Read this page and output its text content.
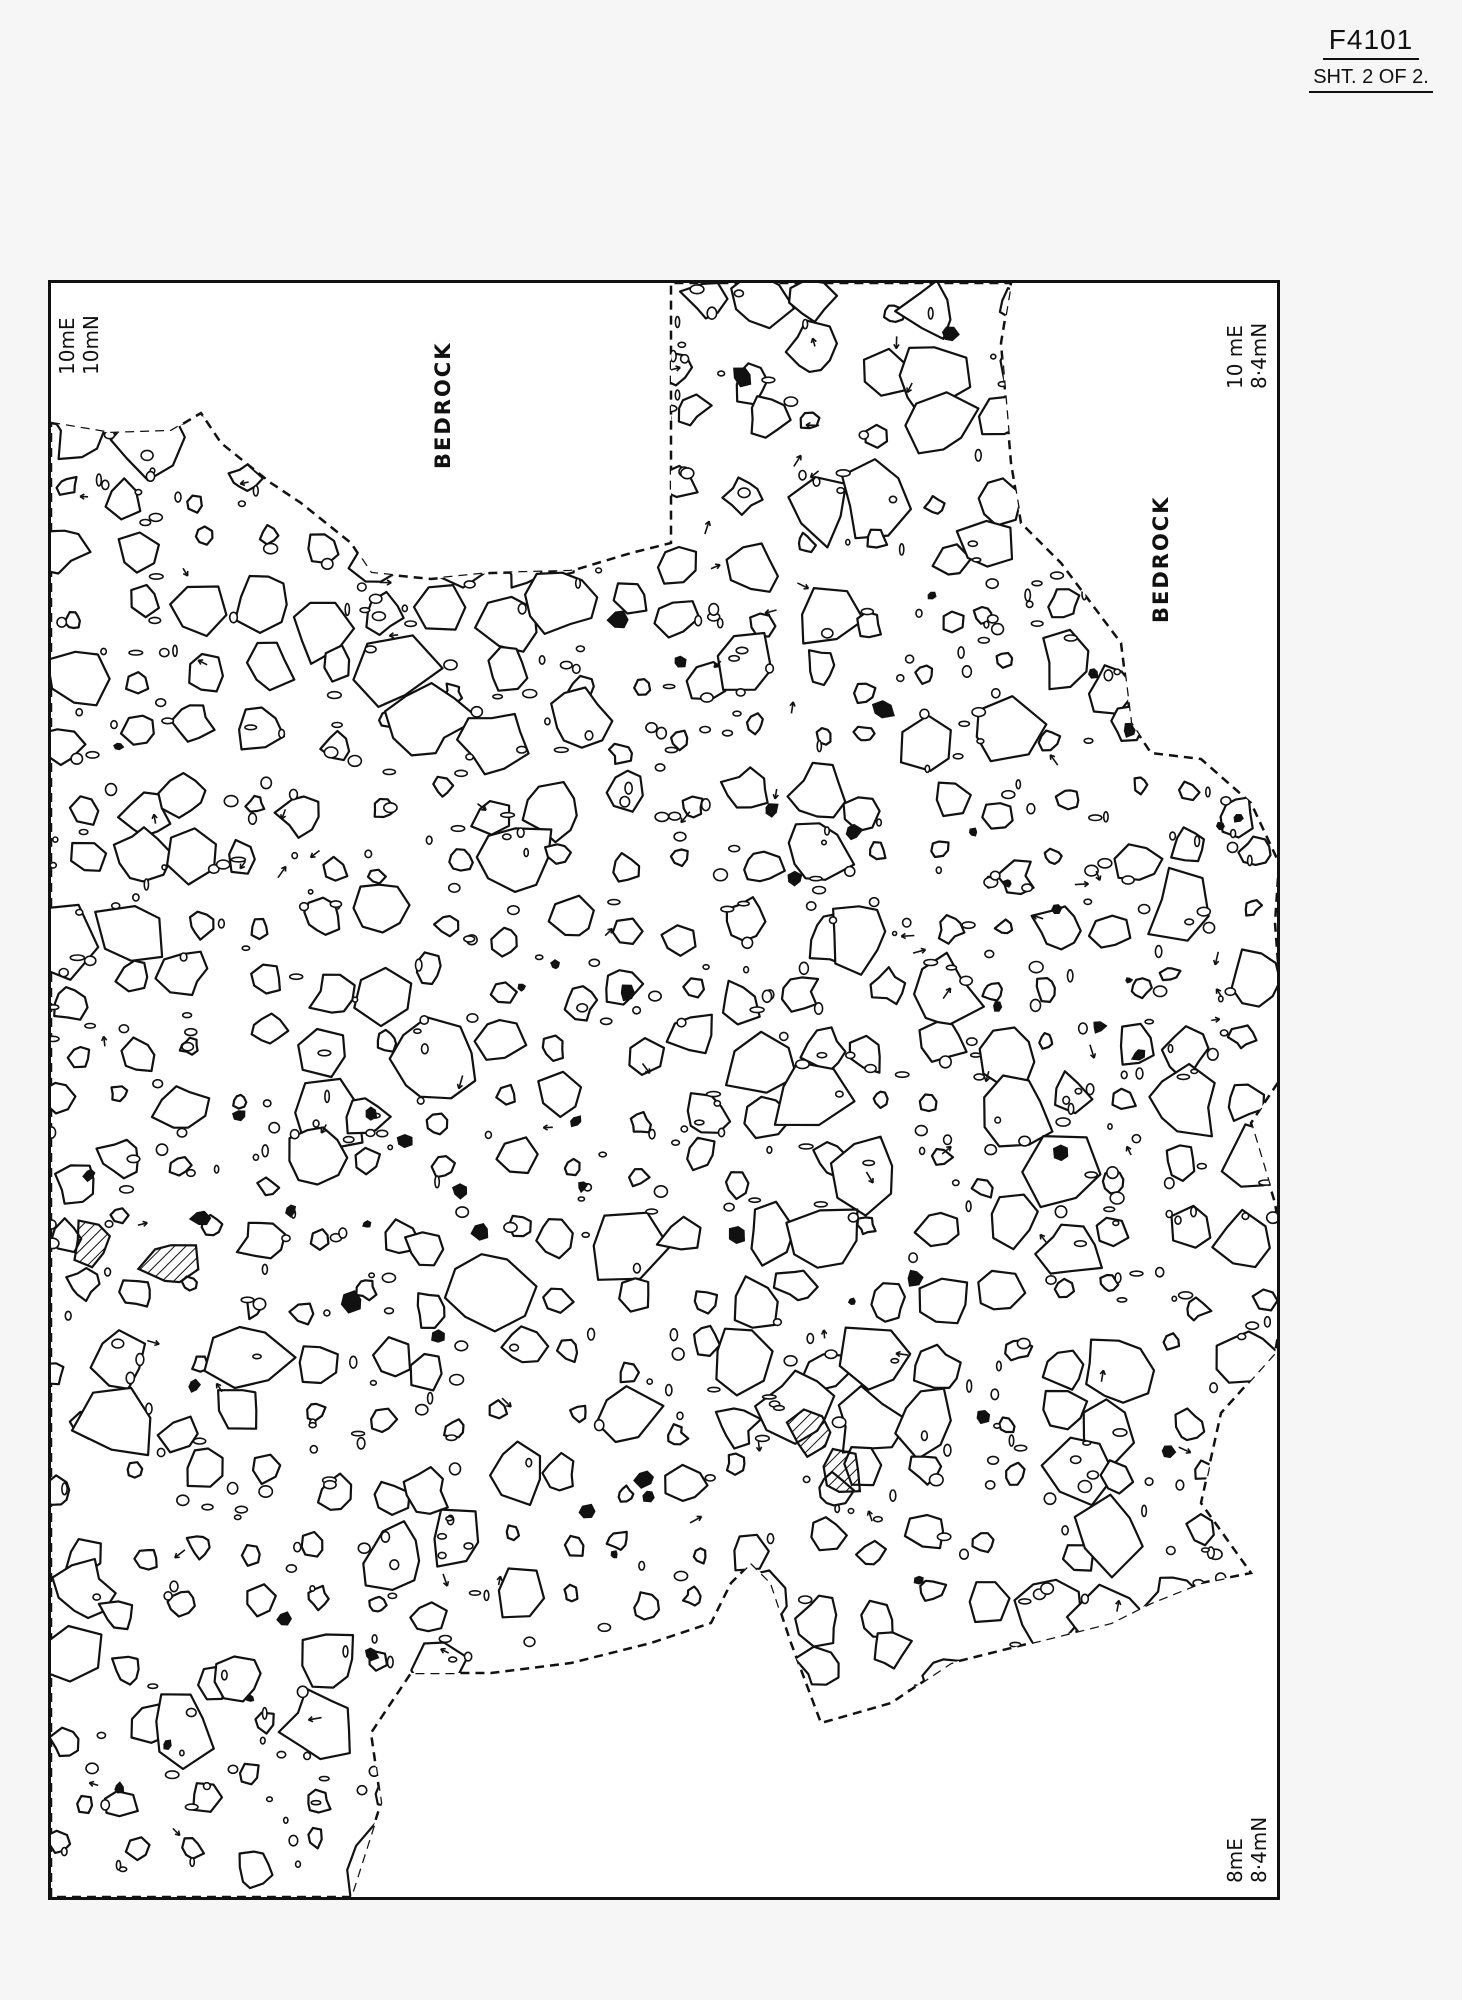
F4101
SHT. 2 OF 2.
10mE 10mN	10 mE 8·4mN
8mE 8·4mN
BEDROCK
BEDROCK
